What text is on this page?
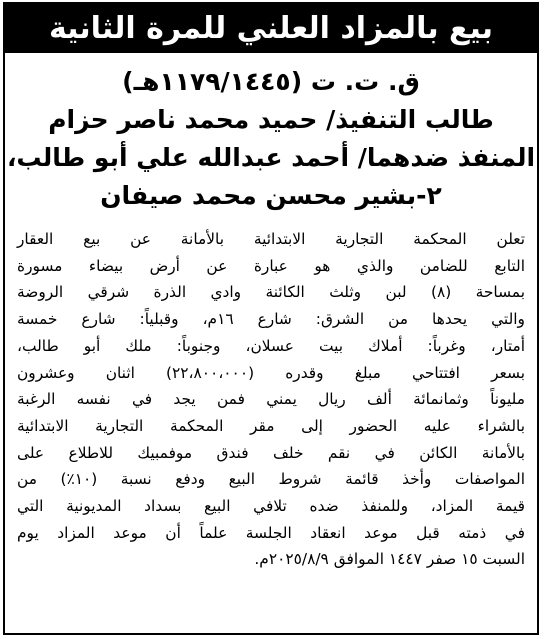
بيع بالمزاد العلني للمرة الثانية
ق. ت. ت (١١٧٩/١٤٤٥هـ)
طالب التنفيذ/ حميد محمد ناصر حزام
المنفذ ضدهما/ أحمد عبدالله علي أبو طالب،
٢-بشير محسن محمد صيفان
تعلن المحكمة التجارية الابتدائية بالأمانة عن بيع العقار
التابع للضامن والذي هو عبارة عن أرض بيضاء مسورة
بمساحة (٨) لبن وثلث الكائنة وادي الذرة شرقي الروضة
والتي يحدها من الشرق: شارع ١٦م، وقبلياً: شارع خمسة
أمتار، وغرباً: أملاك بيت عسلان، وجنوباً: ملك أبو طالب،
بسعر افتتاحي مبلغ وقدره (٢٢،٨٠٠،٠٠٠) اثنان وعشرون
مليوناً وثمانمائة ألف ريال يمني فمن يجد في نفسه الرغبة
بالشراء عليه الحضور إلى مقر المحكمة التجارية الابتدائية
بالأمانة الكائن في نقم خلف فندق موفمبيك للاطلاع على
المواصفات وأخذ قائمة شروط البيع ودفع نسبة (١٠٪) من
قيمة المزاد، وللمنفذ ضده تلافي البيع بسداد المديونية التي
في ذمته قبل موعد انعقاد الجلسة علماً أن موعد المزاد يوم
السبت ١٥ صفر ١٤٤٧ الموافق ٢٠٢٥/٨/٩م.
